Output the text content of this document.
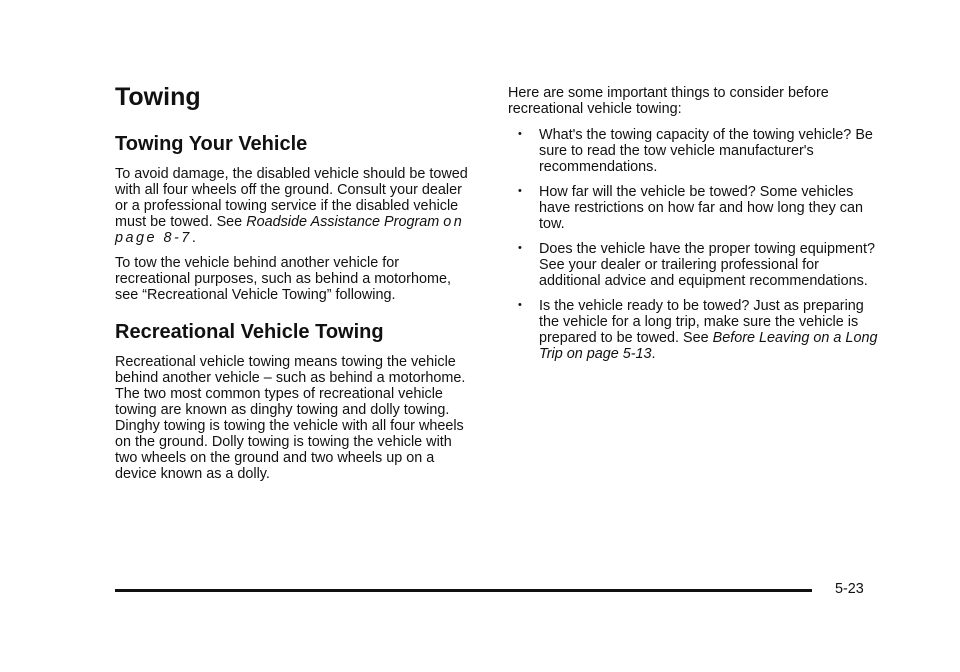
Towing
Towing Your Vehicle

To avoid damage, the disabled vehicle should be towed with all four wheels off the ground. Consult your dealer or a professional towing service if the disabled vehicle must be towed. See Roadside Assistance Program on page 8-7.

To tow the vehicle behind another vehicle for recreational purposes, such as behind a motorhome, see “Recreational Vehicle Towing” following.

Recreational Vehicle Towing

Recreational vehicle towing means towing the vehicle behind another vehicle – such as behind a motorhome. The two most common types of recreational vehicle towing are known as dinghy towing and dolly towing. Dinghy towing is towing the vehicle with all four wheels on the ground. Dolly towing is towing the vehicle with two wheels on the ground and two wheels up on a device known as a dolly.

Here are some important things to consider before recreational vehicle towing:

• What's the towing capacity of the towing vehicle? Be sure to read the tow vehicle manufacturer's recommendations.
• How far will the vehicle be towed? Some vehicles have restrictions on how far and how long they can tow.
• Does the vehicle have the proper towing equipment? See your dealer or trailering professional for additional advice and equipment recommendations.
• Is the vehicle ready to be towed? Just as preparing the vehicle for a long trip, make sure the vehicle is prepared to be towed. See Before Leaving on a Long Trip on page 5-13.
5-23
